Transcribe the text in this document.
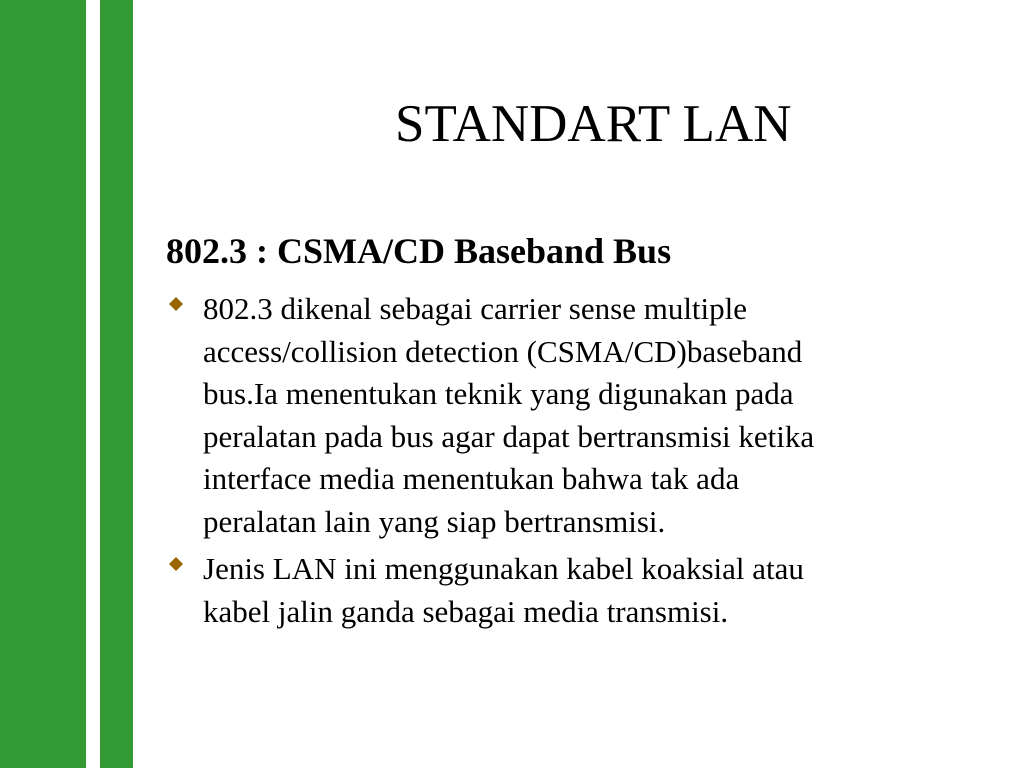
STANDART LAN
802.3 : CSMA/CD Baseband Bus
802.3 dikenal sebagai carrier sense multiple
access/collision detection (CSMA/CD)baseband
bus.Ia menentukan teknik yang digunakan pada
peralatan pada bus agar dapat bertransmisi ketika
interface media menentukan bahwa tak ada
peralatan lain yang siap bertransmisi.
Jenis LAN ini menggunakan kabel koaksial atau
kabel jalin ganda sebagai media transmisi.
